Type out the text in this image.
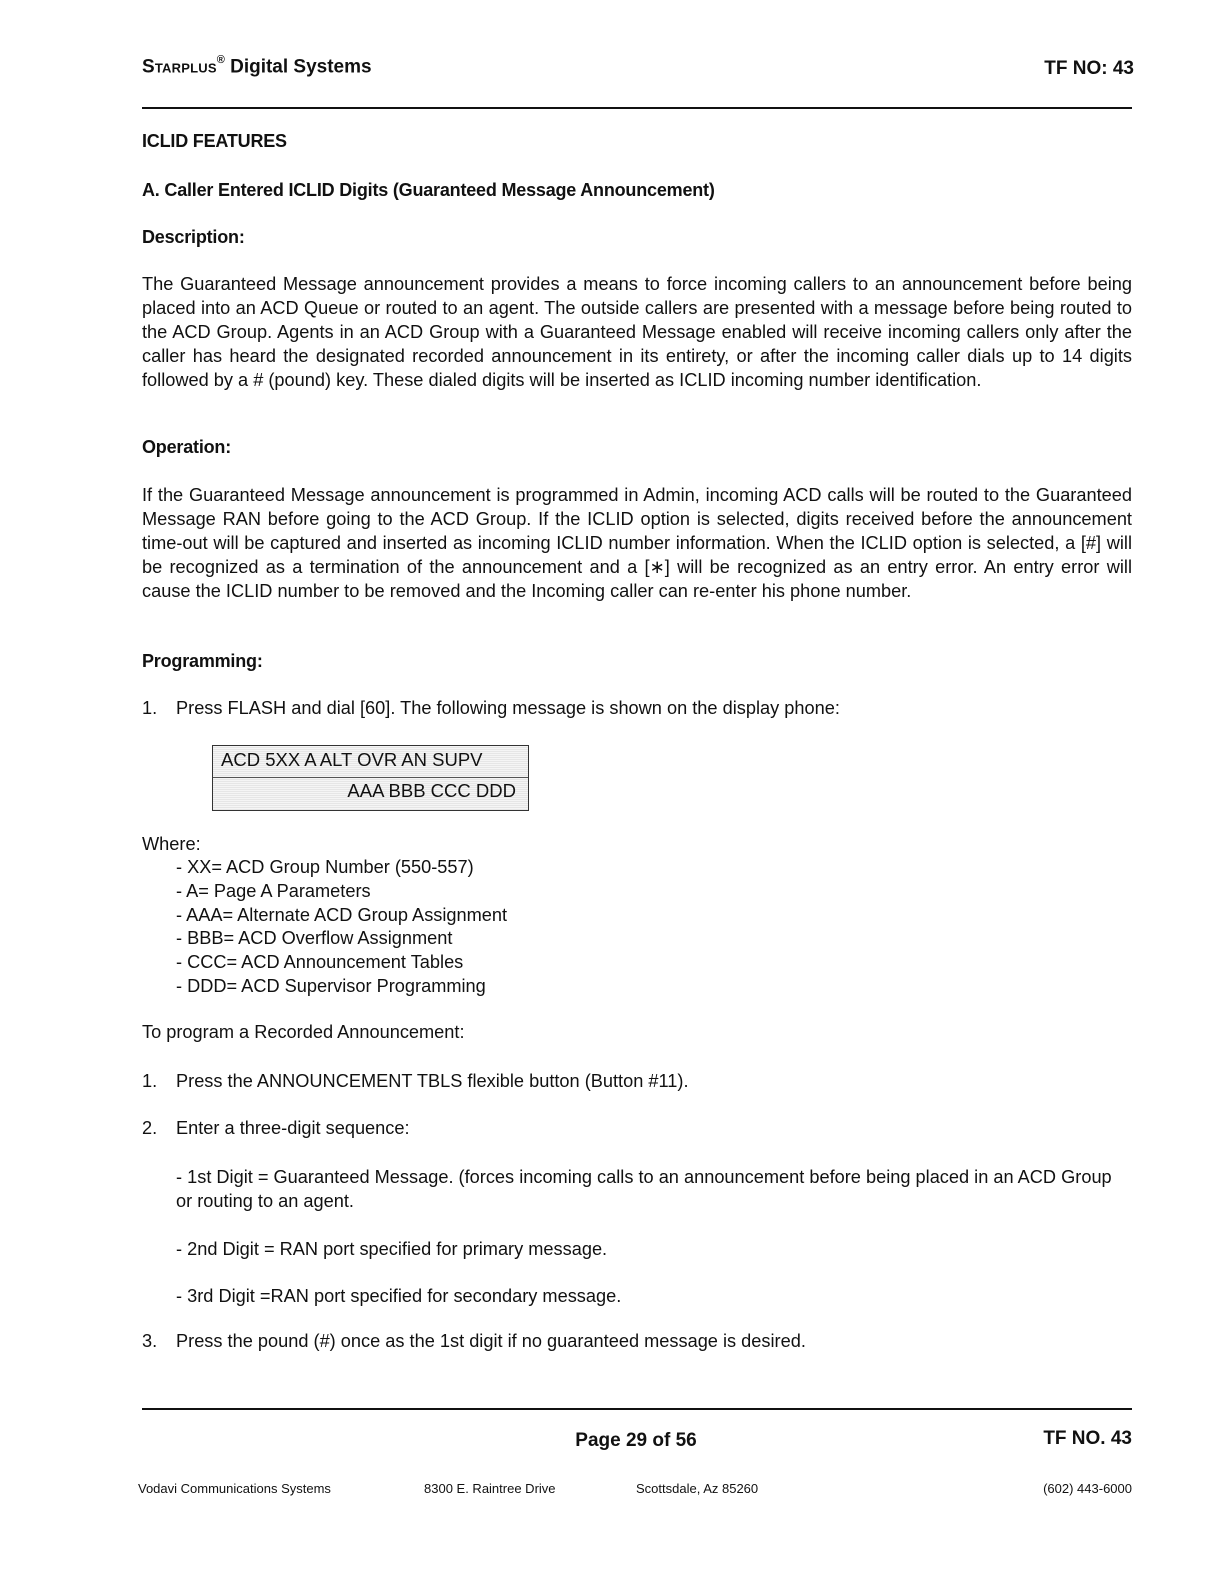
Starplus® Digital Systems	TF NO: 43
ICLID FEATURES
A. Caller Entered ICLID Digits (Guaranteed Message Announcement)
Description:
The Guaranteed Message announcement provides a means to force incoming callers to an announcement before being placed into an ACD Queue or routed to an agent. The outside callers are presented with a message before being routed to the ACD Group. Agents in an ACD Group with a Guaranteed Message enabled will receive incoming callers only after the caller has heard the designated recorded announcement in its entirety, or after the incoming caller dials up to 14 digits followed by a # (pound) key. These dialed digits will be inserted as ICLID incoming number identification.
Operation:
If the Guaranteed Message announcement is programmed in Admin, incoming ACD calls will be routed to the Guaranteed Message RAN before going to the ACD Group. If the ICLID option is selected, digits received before the announcement time-out will be captured and inserted as incoming ICLID number information. When the ICLID option is selected, a [#] will be recognized as a termination of the announcement and a [∗] will be recognized as an entry error. An entry error will cause the ICLID number to be removed and the Incoming caller can re-enter his phone number.
Programming:
1. Press FLASH and dial [60]. The following message is shown on the display phone:
ACD 5XX A ALT OVR AN SUPV
AAA BBB CCC DDD
Where:
- XX= ACD Group Number (550-557)
- A= Page A Parameters
- AAA= Alternate ACD Group Assignment
- BBB= ACD Overflow Assignment
- CCC= ACD Announcement Tables
- DDD= ACD Supervisor Programming
To program a Recorded Announcement:
1. Press the ANNOUNCEMENT TBLS flexible button (Button #11).
2. Enter a three-digit sequence:
- 1st Digit = Guaranteed Message. (forces incoming calls to an announcement before being placed in an ACD Group or routing to an agent.
- 2nd Digit = RAN port specified for primary message.
- 3rd Digit =RAN port specified for secondary message.
3. Press the pound (#) once as the 1st digit if no guaranteed message is desired.
Page 29 of 56	TF NO. 43
Vodavi Communications Systems	8300 E. Raintree Drive	Scottsdale, Az 85260	(602) 443-6000
